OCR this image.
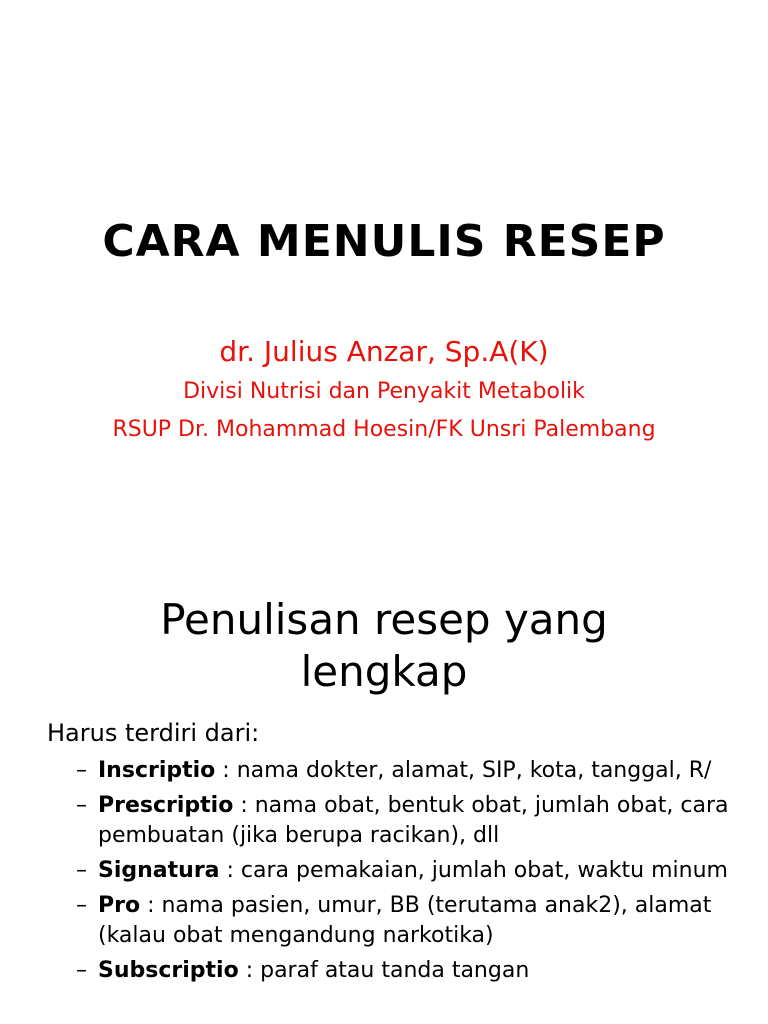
CARA MENULIS RESEP
dr. Julius Anzar, Sp.A(K)
Divisi Nutrisi dan Penyakit Metabolik
RSUP Dr. Mohammad Hoesin/FK Unsri Palembang
Penulisan resep yang lengkap
Harus terdiri dari:
– Inscriptio : nama dokter, alamat, SIP, kota, tanggal, R/
– Prescriptio : nama obat, bentuk obat, jumlah obat, cara pembuatan (jika berupa racikan), dll
– Signatura : cara pemakaian, jumlah obat, waktu minum
– Pro : nama pasien, umur, BB (terutama anak2), alamat (kalau obat mengandung narkotika)
– Subscriptio : paraf atau tanda tangan
